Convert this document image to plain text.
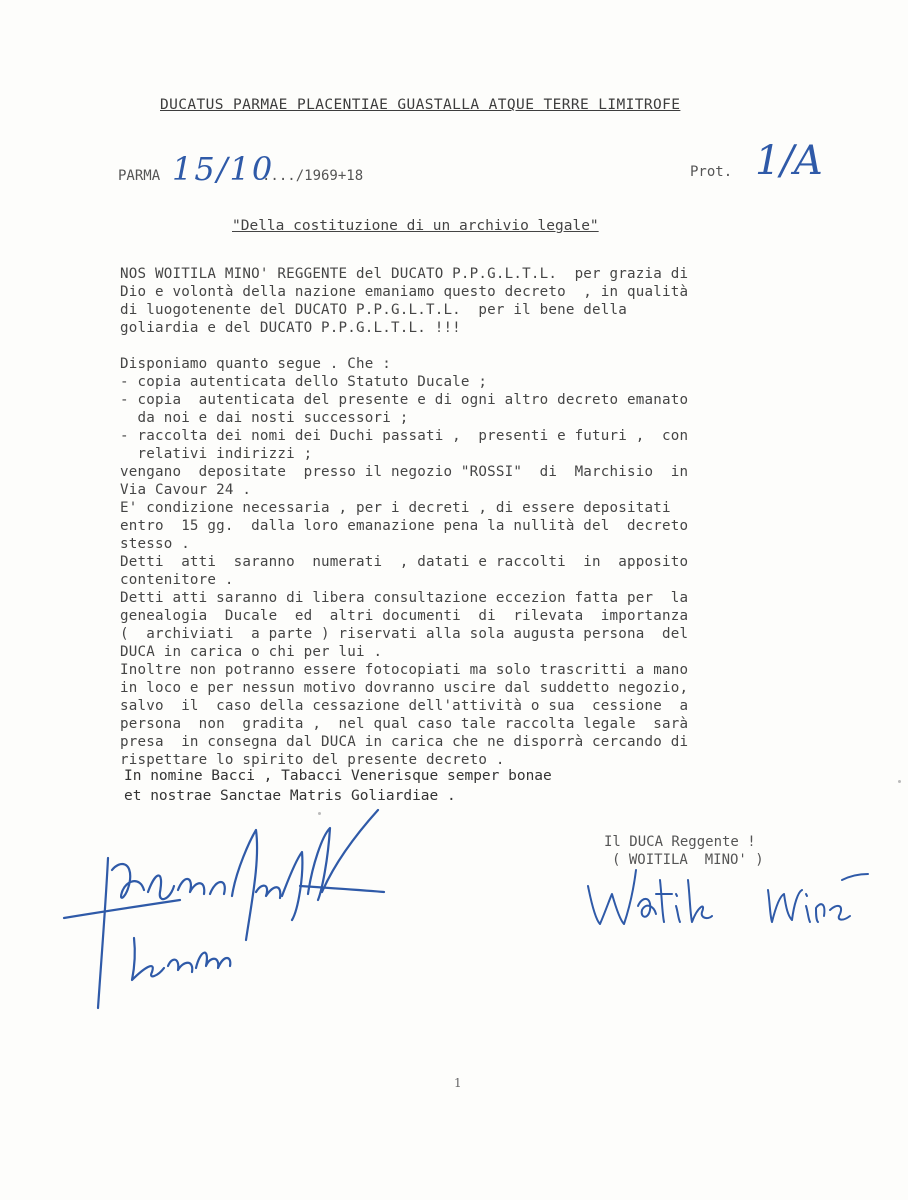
DUCATUS PARMAE PLACENTIAE GUASTALLA ATQUE TERRE LIMITROFE
PARMA 15/10
..../1969+18	Prot. 1/A
"Della costituzione di un archivio legale"
NOS WOITILA MINO' REGGENTE del DUCATO P.P.G.L.T.L.  per grazia di
Dio e volontà della nazione emaniamo questo decreto  , in qualità
di luogotenente del DUCATO P.P.G.L.T.L.  per il bene della
goliardia e del DUCATO P.P.G.L.T.L. !!!
Disponiamo quanto segue . Che :
- copia autenticata dello Statuto Ducale ;
- copia  autenticata del presente e di ogni altro decreto emanato
da noi e dai nosti successori ;
- raccolta dei nomi dei Duchi passati ,  presenti e futuri ,  con
relativi indirizzi ;
vengano  depositate  presso il negozio "ROSSI"  di  Marchisio  in
Via Cavour 24 .
E' condizione necessaria , per i decreti , di essere depositati
entro  15 gg.  dalla loro emanazione pena la nullità del  decreto
stesso .
Detti  atti  saranno  numerati  , datati e raccolti  in  apposito
contenitore .
Detti atti saranno di libera consultazione eccezion fatta per  la
genealogia  Ducale  ed  altri documenti  di  rilevata  importanza
(  archiviati  a parte ) riservati alla sola augusta persona  del
DUCA in carica o chi per lui .
Inoltre non potranno essere fotocopiati ma solo trascritti a mano
in loco e per nessun motivo dovranno uscire dal suddetto negozio,
salvo  il  caso della cessazione dell'attività o sua  cessione  a
persona  non  gradita ,  nel qual caso tale raccolta legale  sarà
presa  in consegna dal DUCA in carica che ne disporrà cercando di
rispettare lo spirito del presente decreto .
In nomine Bacci , Tabacci Venerisque semper bonae
et nostrae Sanctae Matris Goliardiae .
Il DUCA Reggente !
( WOITILA  MINO' )
1
